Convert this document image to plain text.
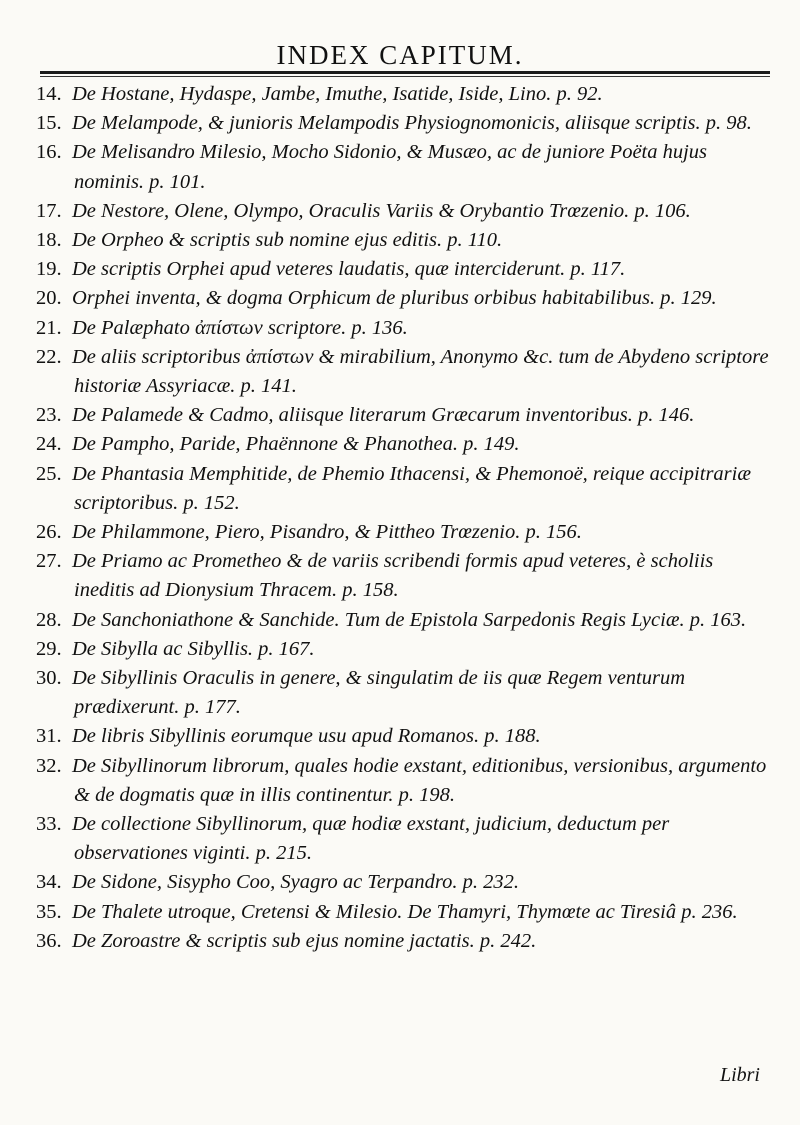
INDEX CAPITUM.
14. De Hostane, Hydaspe, Jambe, Imuthe, Isatide, Iside, Lino. p. 92.
15. De Melampode, & junioris Melampodis Physiognomonicis, aliisque scriptis. p. 98.
16. De Melisandro Milesio, Mocho Sidonio, & Musæo, ac de juniore Poëta hujus nominis. p. 101.
17. De Nestore, Olene, Olympo, Oraculis Variis & Orybantio Trœzenio. p. 106.
18. De Orpheo & scriptis sub nomine ejus editis. p. 110.
19. De scriptis Orphei apud veteres laudatis, quæ interciderunt. p. 117.
20. Orphei inventa, & dogma Orphicum de pluribus orbibus habitabilibus. p. 129.
21. De Palæphato ἀπίστων scriptore. p. 136.
22. De aliis scriptoribus ἀπίστων & mirabilium, Anonymo &c. tum de Abydeno scriptore historiæ Assyriacæ. p. 141.
23. De Palamede & Cadmo, aliisque literarum Græcarum inventoribus. p. 146.
24. De Pampho, Paride, Phaënnone & Phanothea. p. 149.
25. De Phantasia Memphitide, de Phemio Ithacensi, & Phemonoë, reique accipitrariæ scriptoribus. p. 152.
26. De Philammone, Piero, Pisandro, & Pittheo Trœzenio. p. 156.
27. De Priamo ac Prometheo & de variis scribendi formis apud veteres, è scholiis ineditis ad Dionysium Thracem. p. 158.
28. De Sanchoniathone & Sanchide. Tum de Epistola Sarpedonis Regis Lyciæ. p. 163.
29. De Sibylla ac Sibyllis. p. 167.
30. De Sibyllinis Oraculis in genere, & singulatim de iis quæ Regem venturum prædixerunt. p. 177.
31. De libris Sibyllinis eorumque usu apud Romanos. p. 188.
32. De Sibyllinorum librorum, quales hodie exstant, editionibus, versionibus, argumento & de dogmatis quæ in illis continentur. p. 198.
33. De collectione Sibyllinorum, quæ hodiæ exstant, judicium, deductum per observationes viginti. p. 215.
34. De Sidone, Sisypho Coo, Syagro ac Terpandro. p. 232.
35. De Thalete utroque, Cretensi & Milesio. De Thamyri, Thymœte ac Tiresiâ p. 236.
36. De Zoroastre & scriptis sub ejus nomine jactatis. p. 242.
Libri
